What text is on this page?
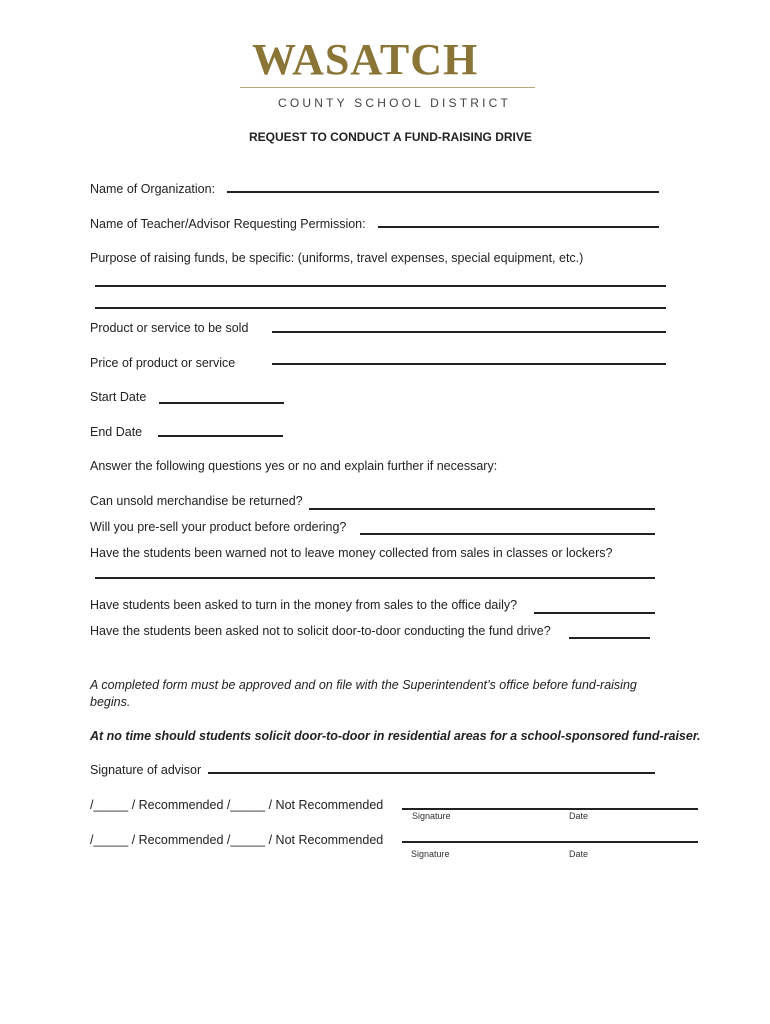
WASATCH
COUNTY SCHOOL DISTRICT
REQUEST TO CONDUCT A FUND-RAISING DRIVE
Name of Organization:
Name of Teacher/Advisor Requesting Permission:
Purpose of raising funds, be specific: (uniforms, travel expenses, special equipment, etc.)
Product or service to be sold
Price of product or service
Start Date
End Date
Answer the following questions yes or no and explain further if necessary:
Can unsold merchandise be returned?
Will you pre-sell your product before ordering?
Have the students been warned not to leave money collected from sales in classes or lockers?
Have students been asked to turn in the money from sales to the office daily?
Have the students been asked not to solicit door-to-door conducting the fund drive?
A completed form must be approved and on file with the Superintendent’s office before fund-raising begins.
At no time should students solicit door-to-door in residential areas for a school-sponsored fund-raiser.
Signature of advisor
/_____ / Recommended /_____ / Not Recommended
Signature	Date
/_____ / Recommended /_____ / Not Recommended
Signature	Date
